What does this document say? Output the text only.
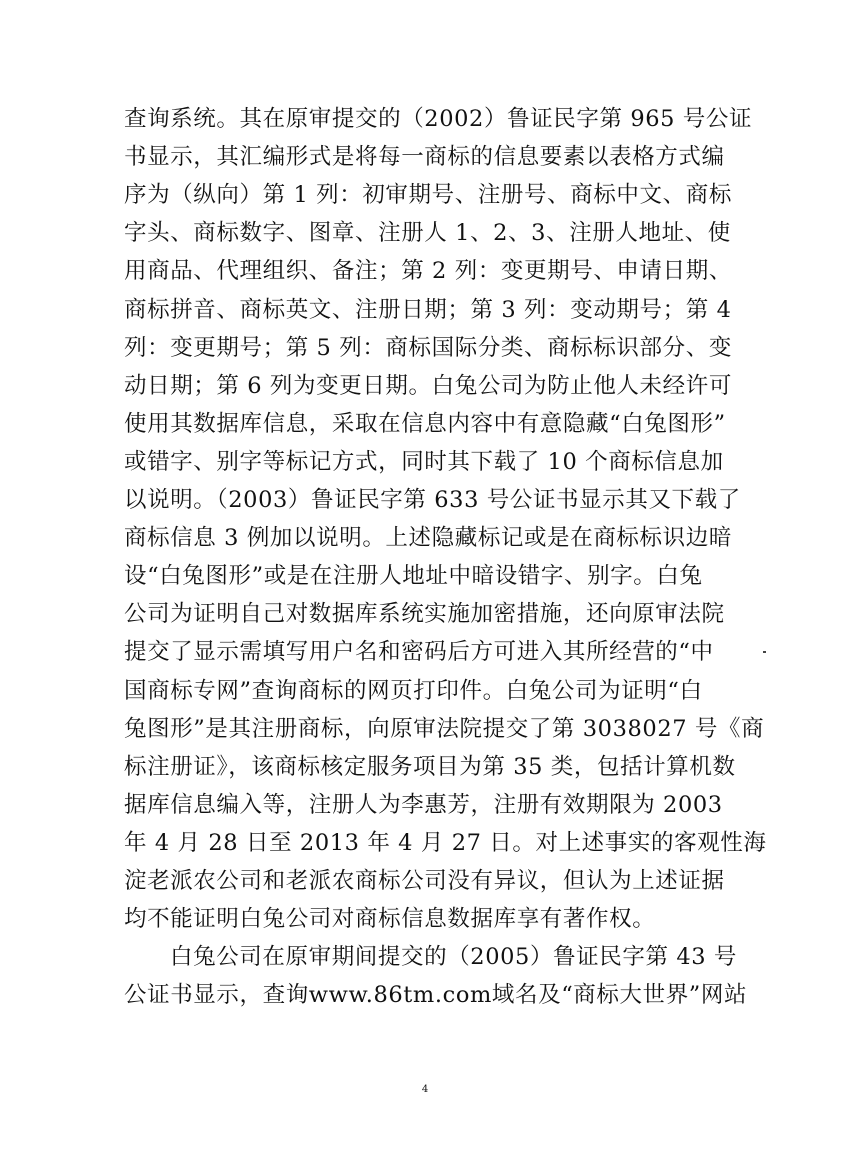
查询系统。其在原审提交的（2002）鲁证民字第 965 号公证
书显示，其汇编形式是将每一商标的信息要素以表格方式编
序为（纵向）第 1 列：初审期号、注册号、商标中文、商标
字头、商标数字、图章、注册人 1、2、3、注册人地址、使
用商品、代理组织、备注；第 2 列：变更期号、申请日期、
商标拼音、商标英文、注册日期；第 3 列：变动期号；第 4
列：变更期号；第 5 列：商标国际分类、商标标识部分、变
动日期；第 6 列为变更日期。白兔公司为防止他人未经许可
使用其数据库信息，采取在信息内容中有意隐藏“白兔图形”
或错字、别字等标记方式，同时其下载了 10 个商标信息加
以说明。（2003）鲁证民字第 633 号公证书显示其又下载了
商标信息 3 例加以说明。上述隐藏标记或是在商标标识边暗
设“白兔图形”或是在注册人地址中暗设错字、别字。白兔
公司为证明自己对数据库系统实施加密措施，还向原审法院
提交了显示需填写用户名和密码后方可进入其所经营的“中
国商标专网”查询商标的网页打印件。白兔公司为证明“白
兔图形”是其注册商标，向原审法院提交了第 3038027 号《商
标注册证》，该商标核定服务项目为第 35 类，包括计算机数
据库信息编入等，注册人为李惠芳，注册有效期限为 2003
年 4 月 28 日至 2013 年 4 月 27 日。对上述事实的客观性海
淀老派农公司和老派农商标公司没有异议，但认为上述证据
均不能证明白兔公司对商标信息数据库享有著作权。
白兔公司在原审期间提交的（2005）鲁证民字第 43 号
公证书显示，查询www.86tm.com域名及“商标大世界”网站
4
